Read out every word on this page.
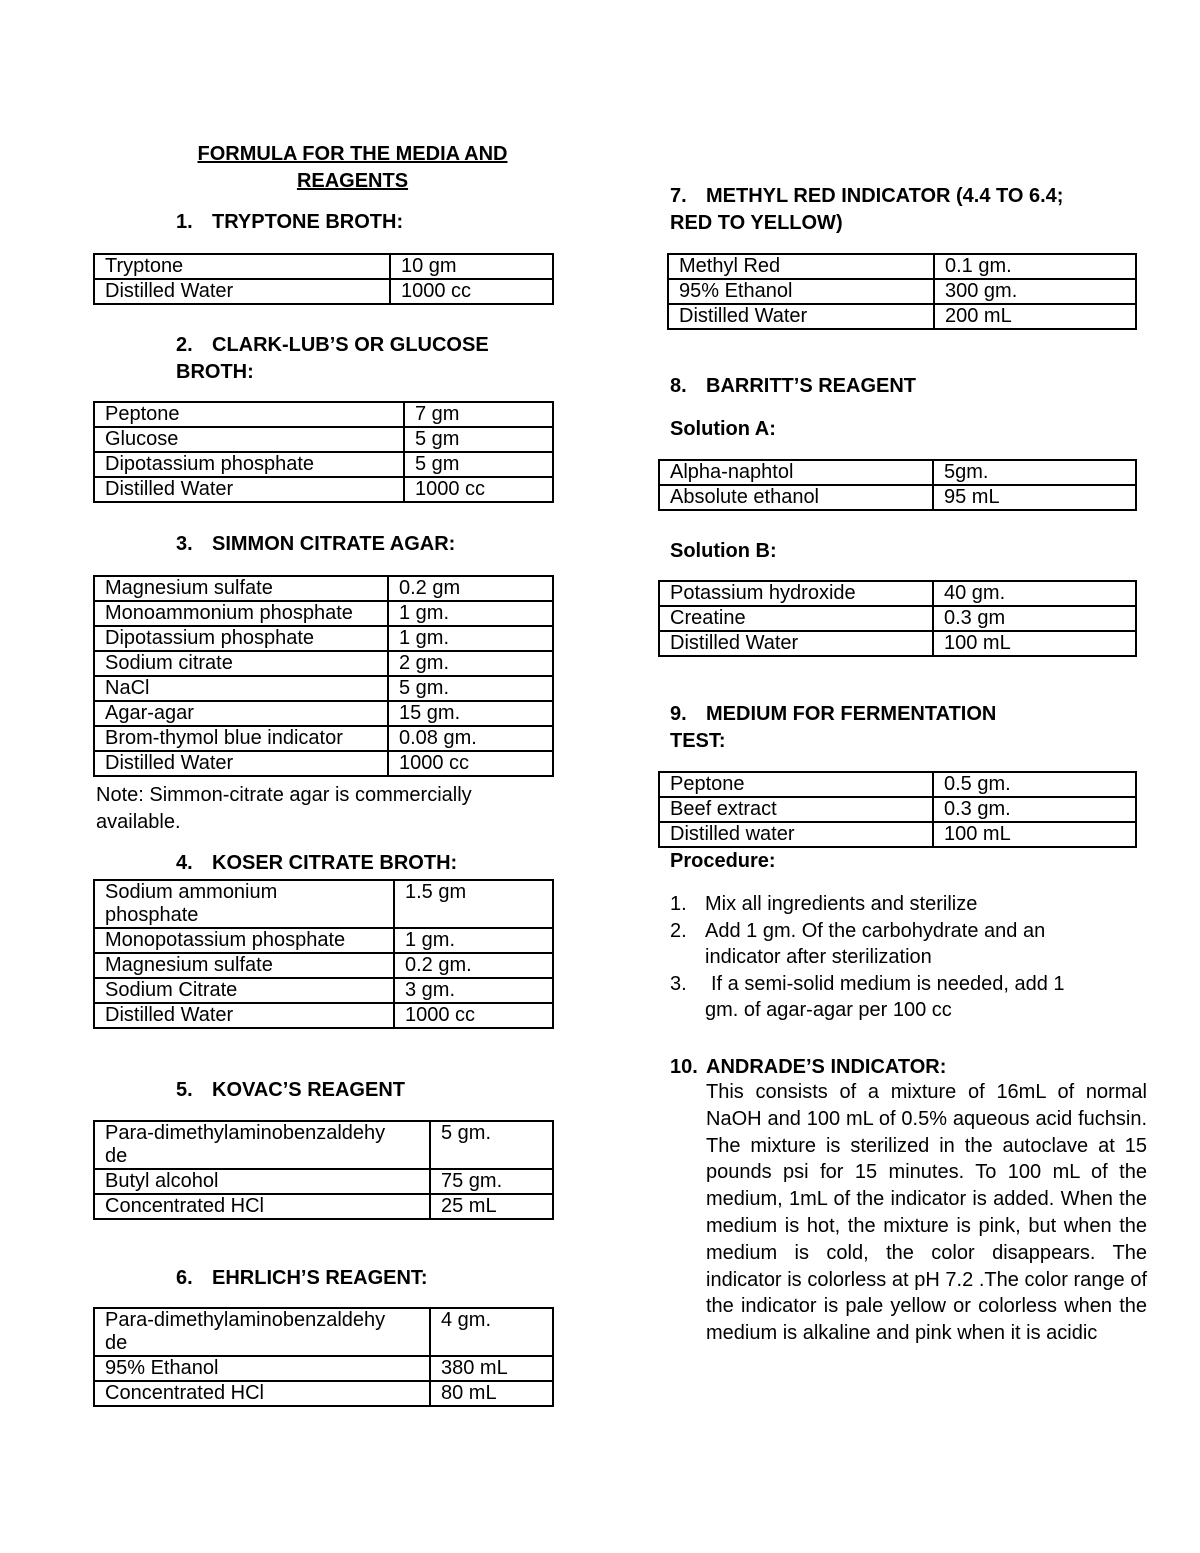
FORMULA FOR THE MEDIA AND REAGENTS
1. TRYPTONE BROTH:
Tryptone	10 gm
Distilled Water	1000 cc
2. CLARK-LUB’S OR GLUCOSE BROTH:
Peptone	7 gm
Glucose	5 gm
Dipotassium phosphate	5 gm
Distilled Water	1000 cc
3. SIMMON CITRATE AGAR:
Magnesium sulfate	0.2 gm
Monoammonium phosphate	1 gm.
Dipotassium phosphate	1 gm.
Sodium citrate	2 gm.
NaCl	5 gm.
Agar-agar	15 gm.
Brom-thymol blue indicator	0.08 gm.
Distilled Water	1000 cc
Note: Simmon-citrate agar is commercially available.
4. KOSER CITRATE BROTH:
Sodium ammonium phosphate	1.5 gm
Monopotassium phosphate	1 gm.
Magnesium sulfate	0.2 gm.
Sodium Citrate	3 gm.
Distilled Water	1000 cc
5. KOVAC’S REAGENT
Para-dimethylaminobenzaldehyde	5 gm.
Butyl alcohol	75 gm.
Concentrated HCl	25 mL
6. EHRLICH’S REAGENT:
Para-dimethylaminobenzaldehyde	4 gm.
95% Ethanol	380 mL
Concentrated HCl	80 mL
7. METHYL RED INDICATOR (4.4 TO 6.4; RED TO YELLOW)
Methyl Red	0.1 gm.
95% Ethanol	300 gm.
Distilled Water	200 mL
8. BARRITT’S REAGENT
Solution A:
Alpha-naphtol	5gm.
Absolute ethanol	95 mL
Solution B:
Potassium hydroxide	40 gm.
Creatine	0.3 gm
Distilled Water	100 mL
9. MEDIUM FOR FERMENTATION TEST:
Peptone	0.5 gm.
Beef extract	0.3 gm.
Distilled water	100 mL
Procedure:
1. Mix all ingredients and sterilize
2. Add 1 gm. Of the carbohydrate and an indicator after sterilization
3. If a semi-solid medium is needed, add 1 gm. of agar-agar per 100 cc
10. ANDRADE’S INDICATOR:
This consists of a mixture of 16mL of normal NaOH and 100 mL of 0.5% aqueous acid fuchsin. The mixture is sterilized in the autoclave at 15 pounds psi for 15 minutes. To 100 mL of the medium, 1mL of the indicator is added. When the medium is hot, the mixture is pink, but when the medium is cold, the color disappears. The indicator is colorless at pH 7.2 .The color range of the indicator is pale yellow or colorless when the medium is alkaline and pink when it is acidic
